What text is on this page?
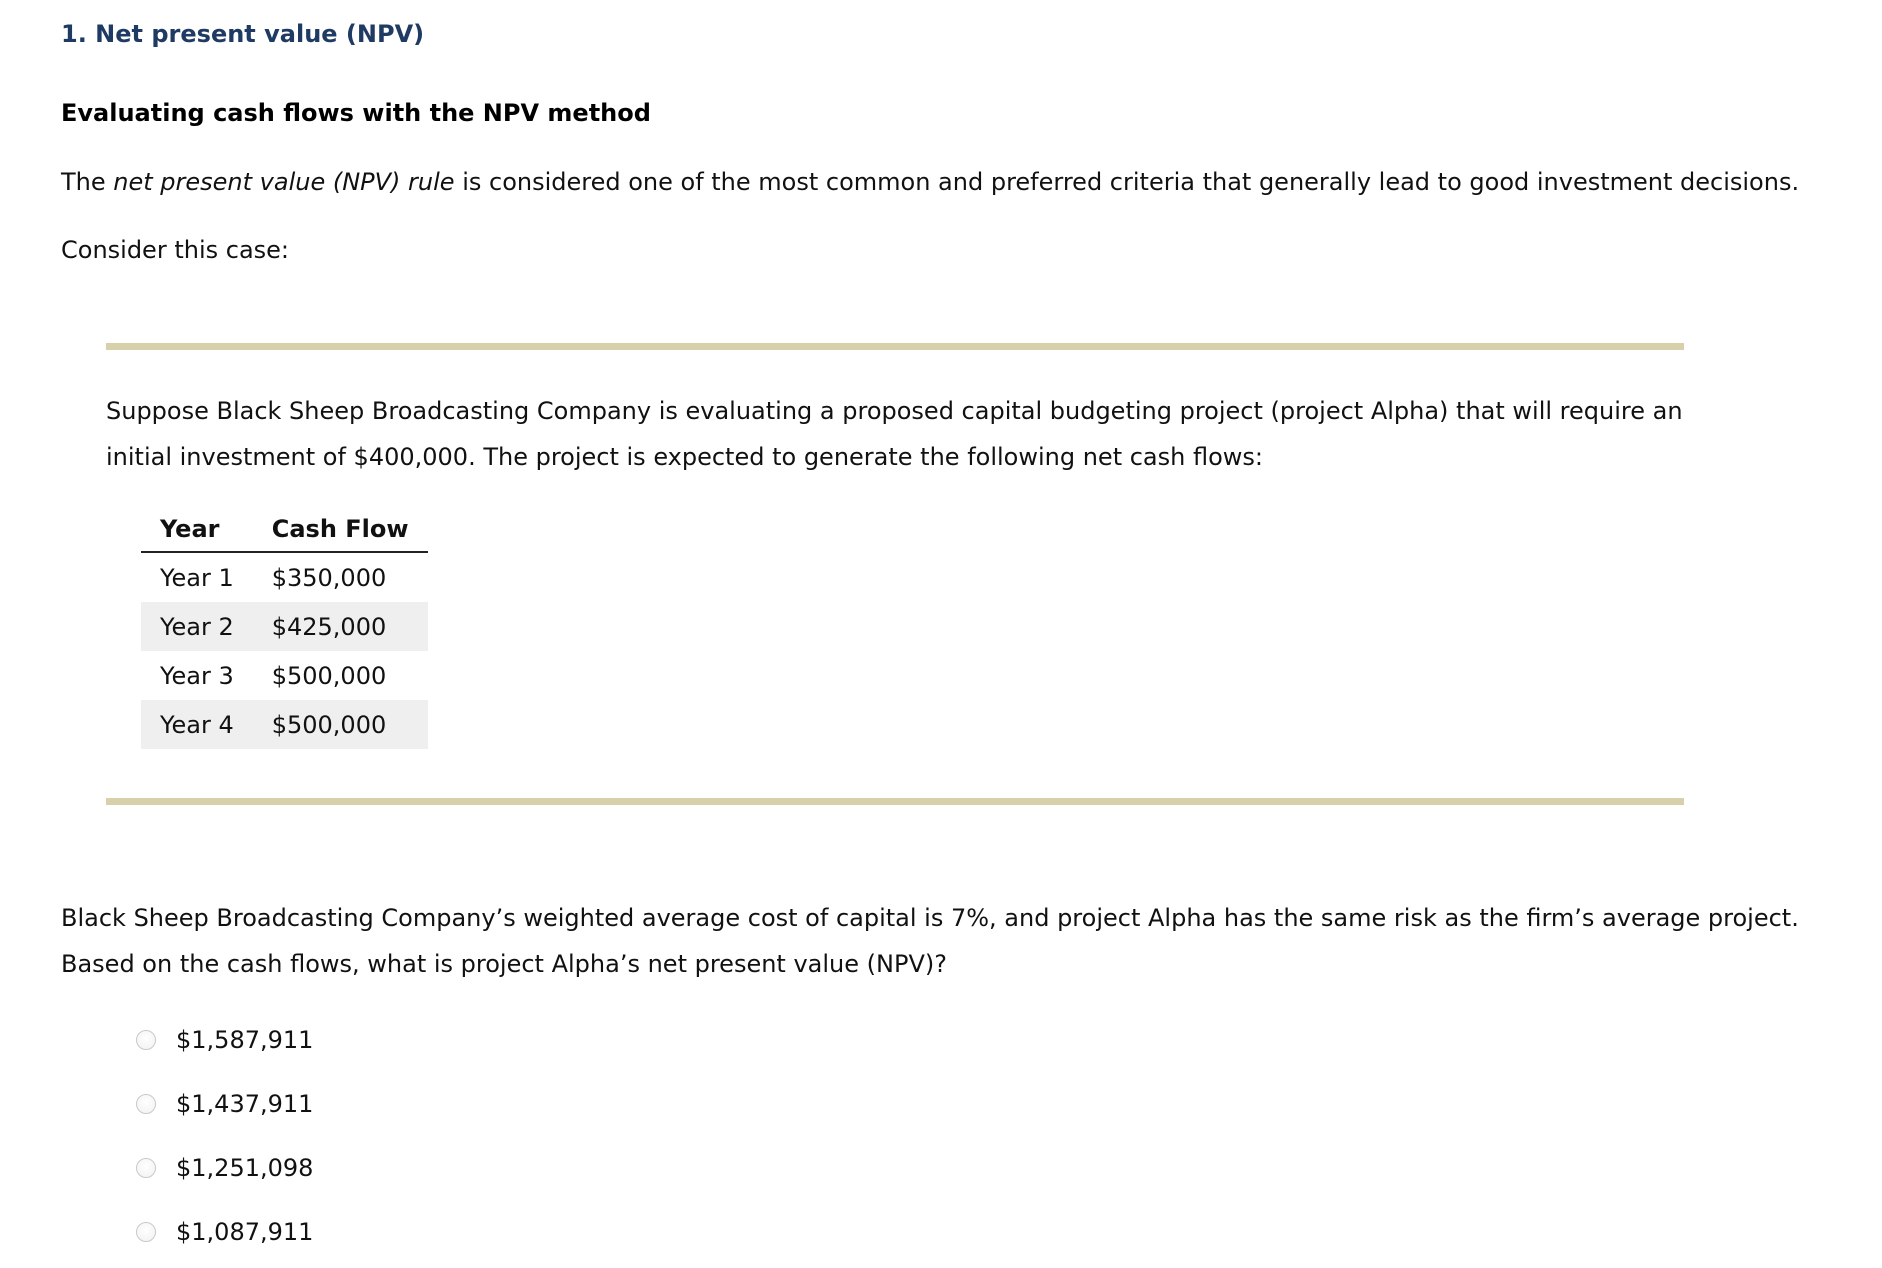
1. Net present value (NPV)
Evaluating cash flows with the NPV method

The net present value (NPV) rule is considered one of the most common and preferred criteria that generally lead to good investment decisions.

Consider this case:

Suppose Black Sheep Broadcasting Company is evaluating a proposed capital budgeting project (project Alpha) that will require an initial investment of $400,000. The project is expected to generate the following net cash flows:

Year	Cash Flow
Year 1	$350,000
Year 2	$425,000
Year 3	$500,000
Year 4	$500,000

Black Sheep Broadcasting Company’s weighted average cost of capital is 7%, and project Alpha has the same risk as the firm’s average project. Based on the cash flows, what is project Alpha’s net present value (NPV)?

$1,587,911
$1,437,911
$1,251,098
$1,087,911
